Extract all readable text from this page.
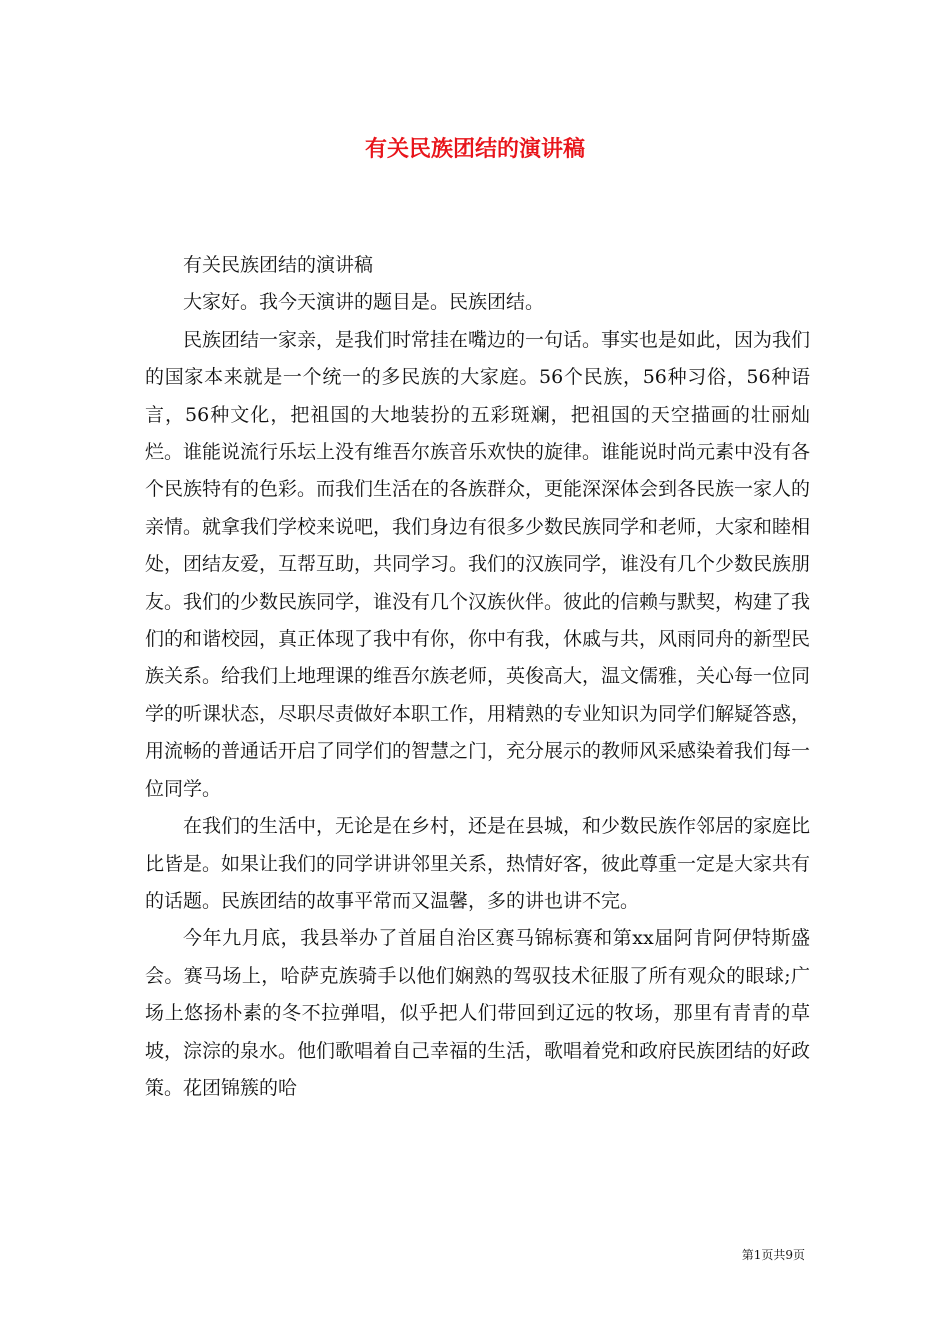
有关民族团结的演讲稿

有关民族团结的演讲稿

大家好。我今天演讲的题目是。民族团结。

民族团结一家亲，是我们时常挂在嘴边的一句话。事实也是如此，因为我们的国家本来就是一个统一的多民族的大家庭。56个民族，56种习俗，56种语言，56种文化，把祖国的大地装扮的五彩斑斓，把祖国的天空描画的壮丽灿烂。谁能说流行乐坛上没有维吾尔族音乐欢快的旋律。谁能说时尚元素中没有各个民族特有的色彩。而我们生活在的各族群众，更能深深体会到各民族一家人的亲情。就拿我们学校来说吧，我们身边有很多少数民族同学和老师，大家和睦相处，团结友爱，互帮互助，共同学习。我们的汉族同学，谁没有几个少数民族朋友。我们的少数民族同学，谁没有几个汉族伙伴。彼此的信赖与默契，构建了我们的和谐校园，真正体现了我中有你，你中有我，休戚与共，风雨同舟的新型民族关系。给我们上地理课的维吾尔族老师，英俊高大，温文儒雅，关心每一位同学的听课状态，尽职尽责做好本职工作，用精熟的专业知识为同学们解疑答惑，用流畅的普通话开启了同学们的智慧之门，充分展示的教师风采感染着我们每一位同学。

在我们的生活中，无论是在乡村，还是在县城，和少数民族作邻居的家庭比比皆是。如果让我们的同学讲讲邻里关系，热情好客，彼此尊重一定是大家共有的话题。民族团结的故事平常而又温馨，多的讲也讲不完。

今年九月底，我县举办了首届自治区赛马锦标赛和第xx届阿肯阿伊特斯盛会。赛马场上，哈萨克族骑手以他们娴熟的驾驭技术征服了所有观众的眼球;广场上悠扬朴素的冬不拉弹唱，似乎把人们带回到辽远的牧场，那里有青青的草坡，淙淙的泉水。他们歌唱着自己幸福的生活，歌唱着党和政府民族团结的好政策。花团锦簇的哈

第1页共9页
